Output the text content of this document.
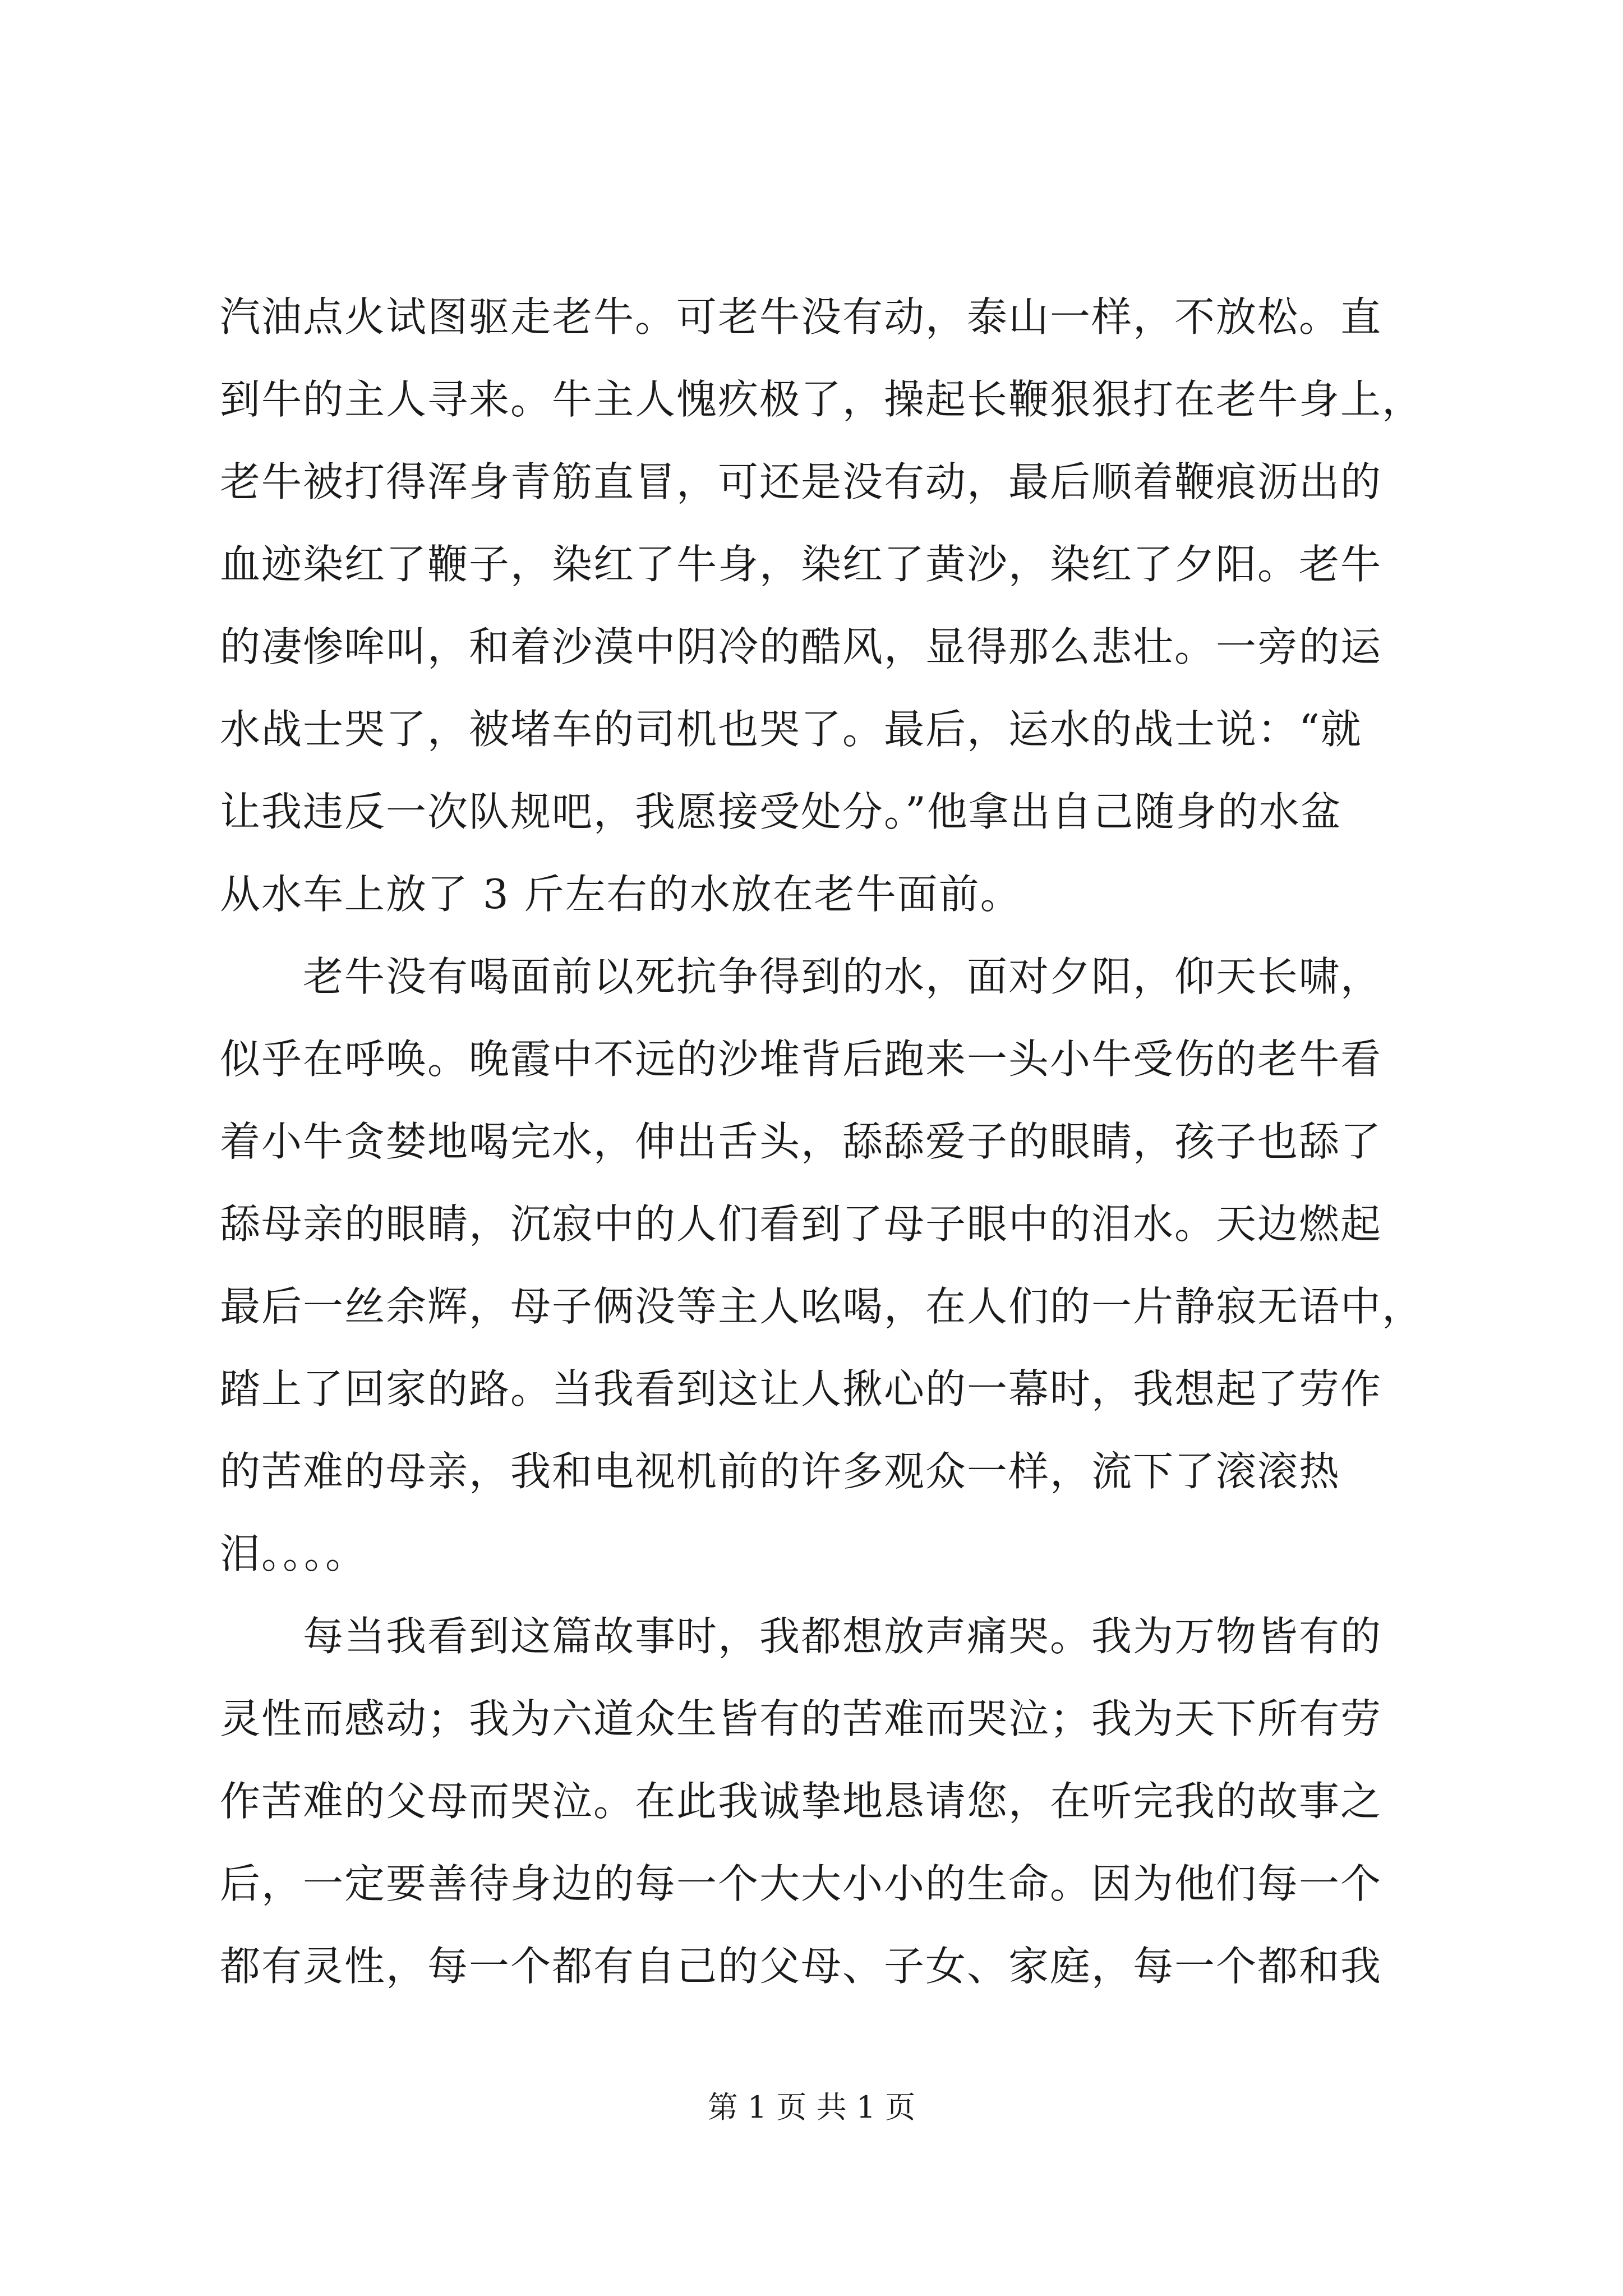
汽油点火试图驱走老牛。可老牛没有动，泰山一样，不放松。直
到牛的主人寻来。牛主人愧疚极了，操起长鞭狠狠打在老牛身上，
老牛被打得浑身青筋直冒，可还是没有动，最后顺着鞭痕沥出的
血迹染红了鞭子，染红了牛身，染红了黄沙，染红了夕阳。老牛
的凄惨哞叫，和着沙漠中阴冷的酷风，显得那么悲壮。一旁的运
水战士哭了，被堵车的司机也哭了。最后，运水的战士说：“就
让我违反一次队规吧，我愿接受处分。”他拿出自己随身的水盆
从水车上放了 3 斤左右的水放在老牛面前。
　　老牛没有喝面前以死抗争得到的水，面对夕阳，仰天长啸，
似乎在呼唤。晚霞中不远的沙堆背后跑来一头小牛受伤的老牛看
着小牛贪婪地喝完水，伸出舌头，舔舔爱子的眼睛，孩子也舔了
舔母亲的眼睛，沉寂中的人们看到了母子眼中的泪水。天边燃起
最后一丝余辉，母子俩没等主人吆喝，在人们的一片静寂无语中，
踏上了回家的路。当我看到这让人揪心的一幕时，我想起了劳作
的苦难的母亲，我和电视机前的许多观众一样，流下了滚滚热
泪。。。。
　　每当我看到这篇故事时，我都想放声痛哭。我为万物皆有的
灵性而感动；我为六道众生皆有的苦难而哭泣；我为天下所有劳
作苦难的父母而哭泣。在此我诚挚地恳请您，在听完我的故事之
后，一定要善待身边的每一个大大小小的生命。因为他们每一个
都有灵性，每一个都有自己的父母、子女、家庭，每一个都和我
第 1 页 共 1 页
